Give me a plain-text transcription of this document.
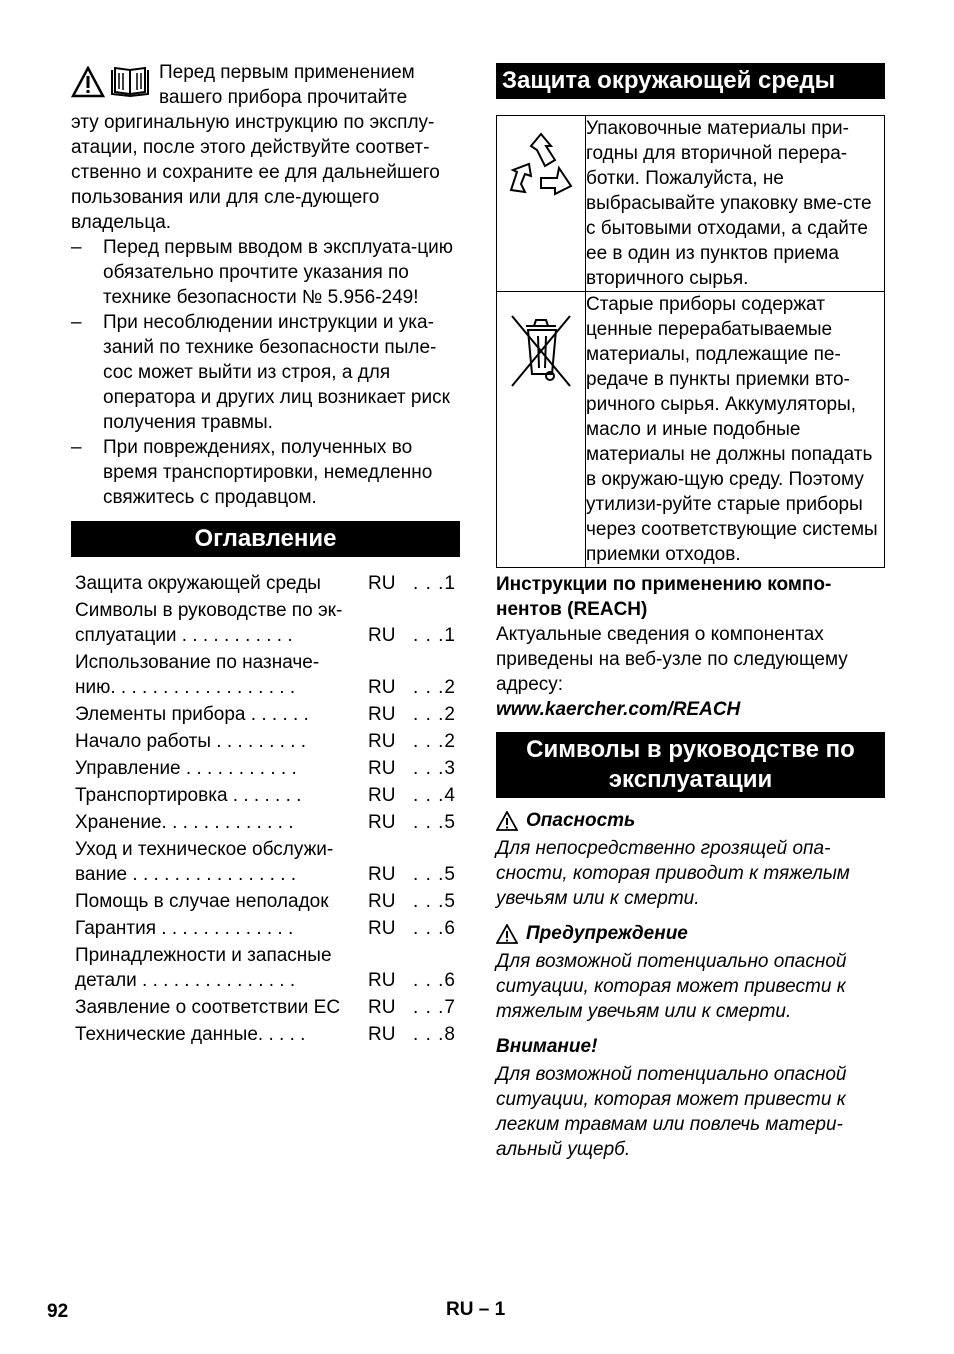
Перед первым применением вашего прибора прочитайте
эту оригинальную инструкцию по эксплу-атации, после этого действуйте соответ-ственно и сохраните ее для дальнейшего пользования или для сле-дующего владельца.
– Перед первым вводом в эксплуата-цию обязательно прочтите указания по технике безопасности № 5.956-249!
– При несоблюдении инструкции и ука-заний по технике безопасности пыле-сос может выйти из строя, а для оператора и других лиц возникает риск получения травмы.
– При повреждениях, полученных во время транспортировки, немедленно свяжитесь с продавцом.
Оглавление
Защита окружающей среды	RU . . .1
Символы в руководстве по эк-
сплуатации . . . . . . . . . . .	RU . . .1
Использование по назначе-
нию. . . . . . . . . . . . . . . . . .	RU . . .2
Элементы прибора . . . . . .	RU . . .2
Начало работы . . . . . . . . .	RU . . .2
Управление . . . . . . . . . . .	RU . . .3
Транспортировка . . . . . . .	RU . . .4
Хранение. . . . . . . . . . . . .	RU . . .5
Уход и техническое обслужи-
вание . . . . . . . . . . . . . . . .	RU . . .5
Помощь в случае неполадок	RU . . .5
Гарантия . . . . . . . . . . . . .	RU . . .6
Принадлежности и запасные
детали . . . . . . . . . . . . . . .	RU . . .6
Заявление о соответствии ЕС	RU . . .7
Технические данные. . . . .	RU . . .8
Защита окружающей среды
	Упаковочные материалы при-годны для вторичной перера-ботки. Пожалуйста, не выбрасывайте упаковку вме-сте с бытовыми отходами, а сдайте ее в один из пунктов приема вторичного сырья.
	Старые приборы содержат ценные перерабатываемые материалы, подлежащие пе-редаче в пункты приемки вто-ричного сырья. Аккумуляторы, масло и иные подобные материалы не должны попадать в окружаю-щую среду. Поэтому утилизи-руйте старые приборы через соответствующие системы приемки отходов.
Инструкции по применению компо-нентов (REACH)
Актуальные сведения о компонентах приведены на веб-узле по следующему адресу:
www.kaercher.com/REACH
Символы в руководстве по эксплуатации
Опасность
Для непосредственно грозящей опа-сности, которая приводит к тяжелым увечьям или к смерти.
Предупреждение
Для возможной потенциально опасной ситуации, которая может привести к тяжелым увечьям или к смерти.
Внимание!
Для возможной потенциально опасной ситуации, которая может привести к легким травмам или повлечь матери-альный ущерб.
92	RU – 1
